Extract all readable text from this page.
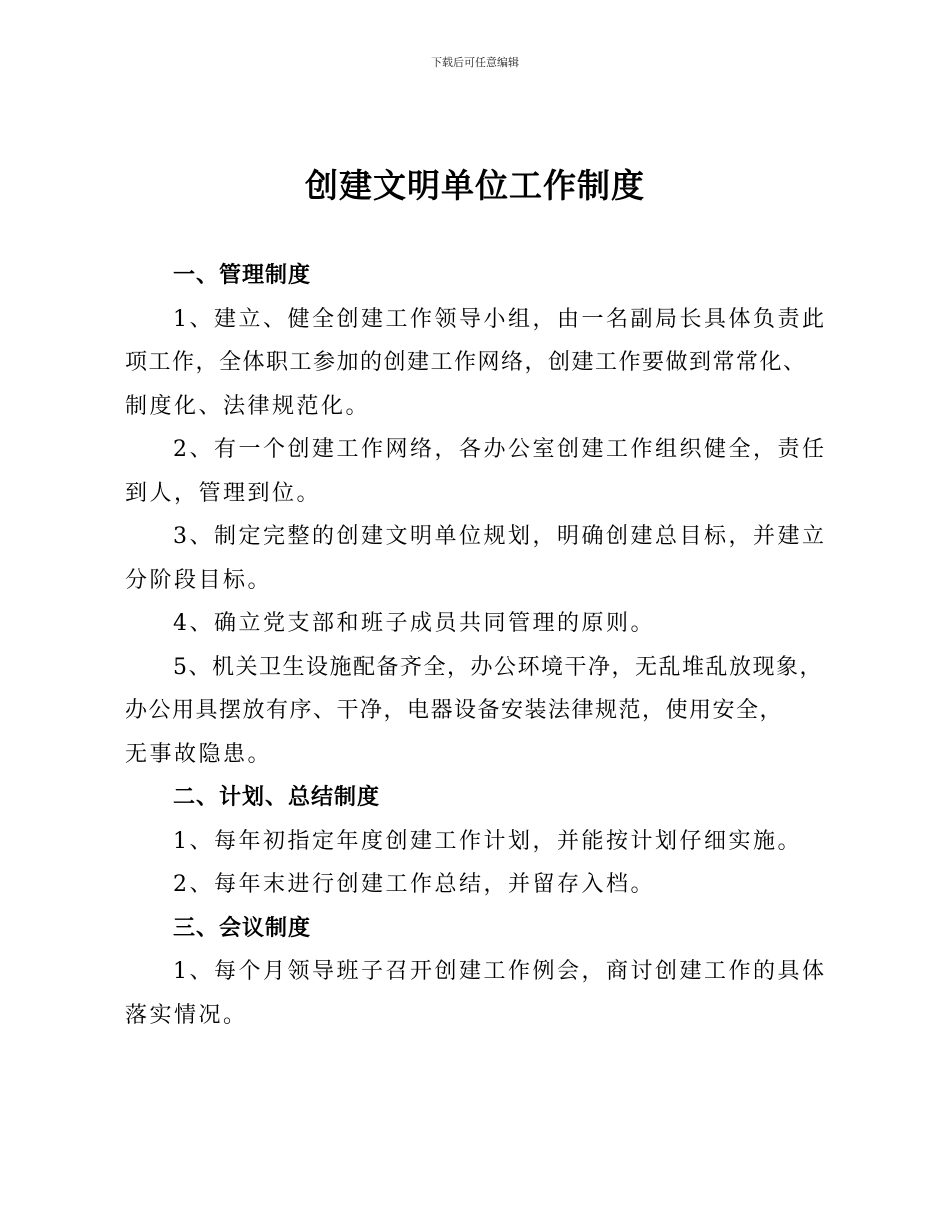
下载后可任意编辑
创建文明单位工作制度
一、管理制度
1、建立、健全创建工作领导小组，由一名副局长具体负责此
项工作，全体职工参加的创建工作网络，创建工作要做到常常化、
制度化、法律规范化。
2、有一个创建工作网络，各办公室创建工作组织健全，责任
到人，管理到位。
3、制定完整的创建文明单位规划，明确创建总目标，并建立
分阶段目标。
4、确立党支部和班子成员共同管理的原则。
5、机关卫生设施配备齐全，办公环境干净，无乱堆乱放现象，
办公用具摆放有序、干净，电器设备安装法律规范，使用安全，
无事故隐患。
二、计划、总结制度
1、每年初指定年度创建工作计划，并能按计划仔细实施。
2、每年末进行创建工作总结，并留存入档。
三、会议制度
1、每个月领导班子召开创建工作例会，商讨创建工作的具体
落实情况。
